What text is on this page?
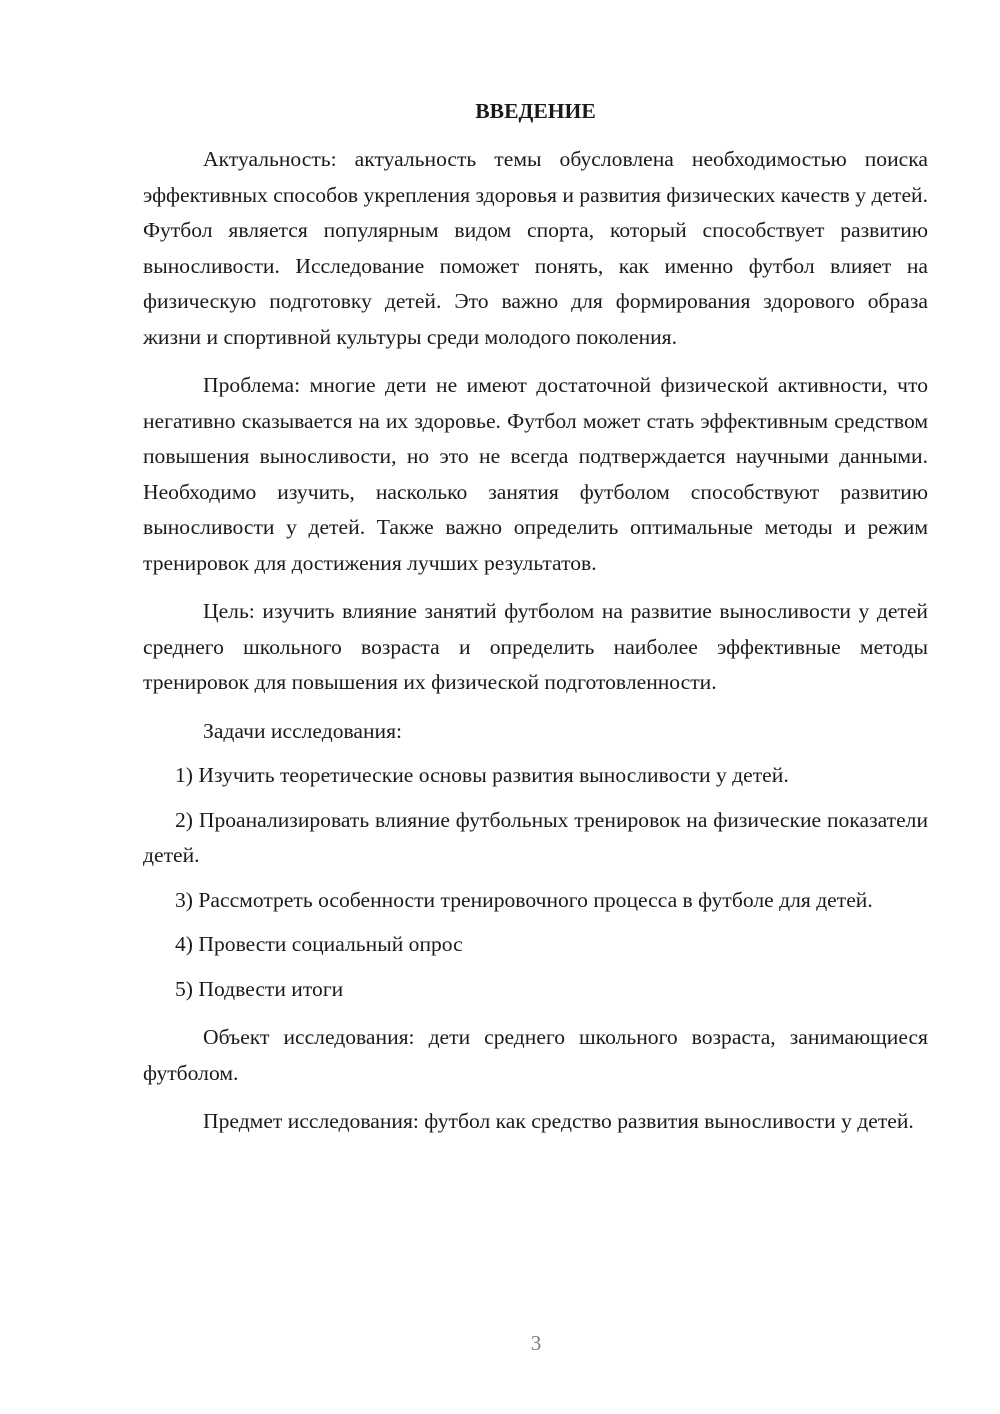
ВВЕДЕНИЕ

Актуальность: актуальность темы обусловлена необходимостью поиска эффективных способов укрепления здоровья и развития физических качеств у детей. Футбол является популярным видом спорта, который способствует развитию выносливости. Исследование поможет понять, как именно футбол влияет на физическую подготовку детей. Это важно для формирования здорового образа жизни и спортивной культуры среди молодого поколения.

Проблема: многие дети не имеют достаточной физической активности, что негативно сказывается на их здоровье. Футбол может стать эффективным средством повышения выносливости, но это не всегда подтверждается научными данными. Необходимо изучить, насколько занятия футболом способствуют развитию выносливости у детей. Также важно определить оптимальные методы и режим тренировок для достижения лучших результатов.

Цель: изучить влияние занятий футболом на развитие выносливости у детей среднего школьного возраста и определить наиболее эффективные методы тренировок для повышения их физической подготовленности.

Задачи исследования:

1) Изучить теоретические основы развития выносливости у детей.

2) Проанализировать влияние футбольных тренировок на физические показатели детей.

3) Рассмотреть особенности тренировочного процесса в футболе для детей.

4) Провести социальный опрос

5) Подвести итоги

Объект исследования: дети среднего школьного возраста, занимающиеся футболом.

Предмет исследования: футбол как средство развития выносливости у детей.

3
